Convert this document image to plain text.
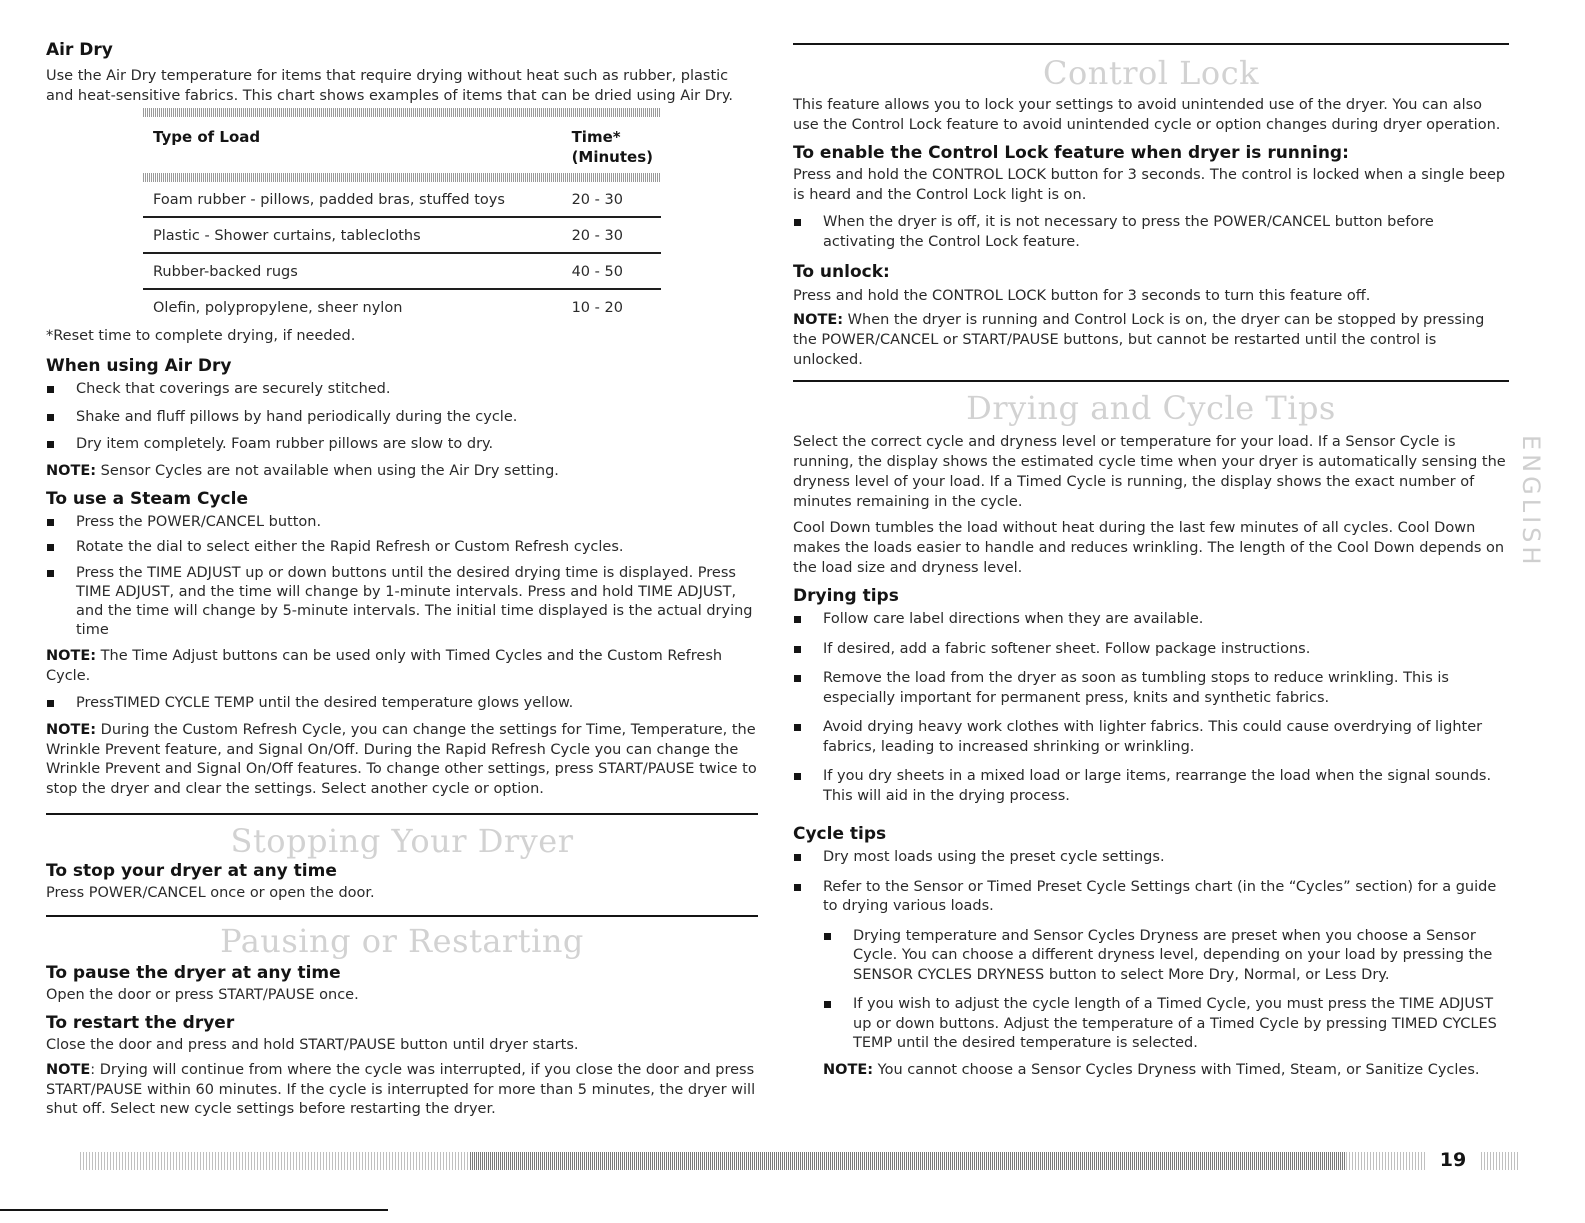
Air Dry

Use the Air Dry temperature for items that require drying without heat such as rubber, plastic and heat-sensitive fabrics. This chart shows examples of items that can be dried using Air Dry.

Type of Load	Time*
(Minutes)

Foam rubber - pillows, padded bras, stuffed toys	20 - 30
Plastic - Shower curtains, tablecloths	20 - 30
Rubber-backed rugs	40 - 50
Olefin, polypropylene, sheer nylon	10 - 20

*Reset time to complete drying, if needed.

When using Air Dry
Check that coverings are securely stitched.
Shake and fluff pillows by hand periodically during the cycle.
Dry item completely. Foam rubber pillows are slow to dry.

NOTE: Sensor Cycles are not available when using the Air Dry setting.

To use a Steam Cycle
Press the POWER/CANCEL button.
Rotate the dial to select either the Rapid Refresh or Custom Refresh cycles.
Press the TIME ADJUST up or down buttons until the desired drying time is displayed. Press TIME ADJUST, and the time will change by 1-minute intervals. Press and hold TIME ADJUST, and the time will change by 5-minute intervals. The initial time displayed is the actual drying time

NOTE: The Time Adjust buttons can be used only with Timed Cycles and the Custom Refresh Cycle.

PressTIMED CYCLE TEMP until the desired temperature glows yellow.

NOTE: During the Custom Refresh Cycle, you can change the settings for Time, Temperature, the Wrinkle Prevent feature, and Signal On/Off. During the Rapid Refresh Cycle you can change the Wrinkle Prevent and Signal On/Off features. To change other settings, press START/PAUSE twice to stop the dryer and clear the settings. Select another cycle or option.

Stopping Your Dryer
To stop your dryer at any time

Press POWER/CANCEL once or open the door.

Pausing or Restarting
To pause the dryer at any time

Open the door or press START/PAUSE once.

To restart the dryer

Close the door and press and hold START/PAUSE button until dryer starts.

NOTE: Drying will continue from where the cycle was interrupted, if you close the door and press START/PAUSE within 60 minutes. If the cycle is interrupted for more than 5 minutes, the dryer will shut off. Select new cycle settings before restarting the dryer.

Control Lock

This feature allows you to lock your settings to avoid unintended use of the dryer. You can also use the Control Lock feature to avoid unintended cycle or option changes during dryer operation.

To enable the Control Lock feature when dryer is running:

Press and hold the CONTROL LOCK button for 3 seconds. The control is locked when a single beep is heard and the Control Lock light is on.

When the dryer is off, it is not necessary to press the POWER/CANCEL button before activating the Control Lock feature.
To unlock:

Press and hold the CONTROL LOCK button for 3 seconds to turn this feature off.

NOTE: When the dryer is running and Control Lock is on, the dryer can be stopped by pressing the POWER/CANCEL or START/PAUSE buttons, but cannot be restarted until the control is unlocked.

Drying and Cycle Tips

Select the correct cycle and dryness level or temperature for your load. If a Sensor Cycle is running, the display shows the estimated cycle time when your dryer is automatically sensing the dryness level of your load. If a Timed Cycle is running, the display shows the exact number of minutes remaining in the cycle.

Cool Down tumbles the load without heat during the last few minutes of all cycles. Cool Down makes the loads easier to handle and reduces wrinkling. The length of the Cool Down depends on the load size and dryness level.

Drying tips
Follow care label directions when they are available.
If desired, add a fabric softener sheet. Follow package instructions.
Remove the load from the dryer as soon as tumbling stops to reduce wrinkling. This is especially important for permanent press, knits and synthetic fabrics.
Avoid drying heavy work clothes with lighter fabrics. This could cause overdrying of lighter fabrics, leading to increased shrinking or wrinkling.
If you dry sheets in a mixed load or large items, rearrange the load when the signal sounds. This will aid in the drying process.
Cycle tips
Dry most loads using the preset cycle settings.
Refer to the Sensor or Timed Preset Cycle Settings chart (in the “Cycles” section) for a guide to drying various loads.
Drying temperature and Sensor Cycles Dryness are preset when you choose a Sensor Cycle. You can choose a different dryness level, depending on your load by pressing the SENSOR CYCLES DRYNESS button to select More Dry, Normal, or Less Dry.
If you wish to adjust the cycle length of a Timed Cycle, you must press the TIME ADJUST up or down buttons. Adjust the temperature of a Timed Cycle by pressing TIMED CYCLES TEMP until the desired temperature is selected.

NOTE: You cannot choose a Sensor Cycles Dryness with Timed, Steam, or Sanitize Cycles.

ENGLISH
19
